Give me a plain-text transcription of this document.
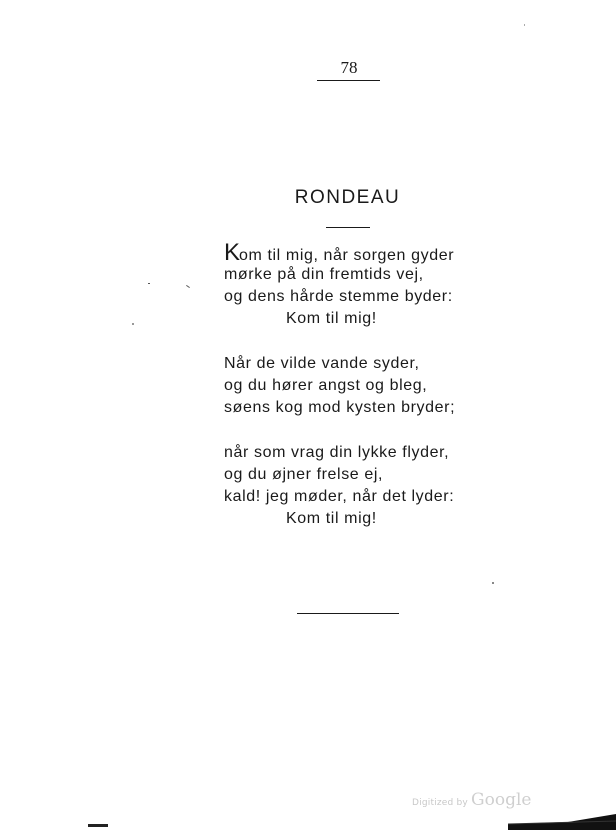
78
RONDEAU
Kom til mig, når sorgen gyder
mørke på din fremtids vej,
og dens hårde stemme byder:
Kom til mig!
Når de vilde vande syder,
og du hører angst og bleg,
søens kog mod kysten bryder;
når som vrag din lykke flyder,
og du øjner frelse ej,
kald! jeg møder, når det lyder:
Kom til mig!
Digitized by Google
